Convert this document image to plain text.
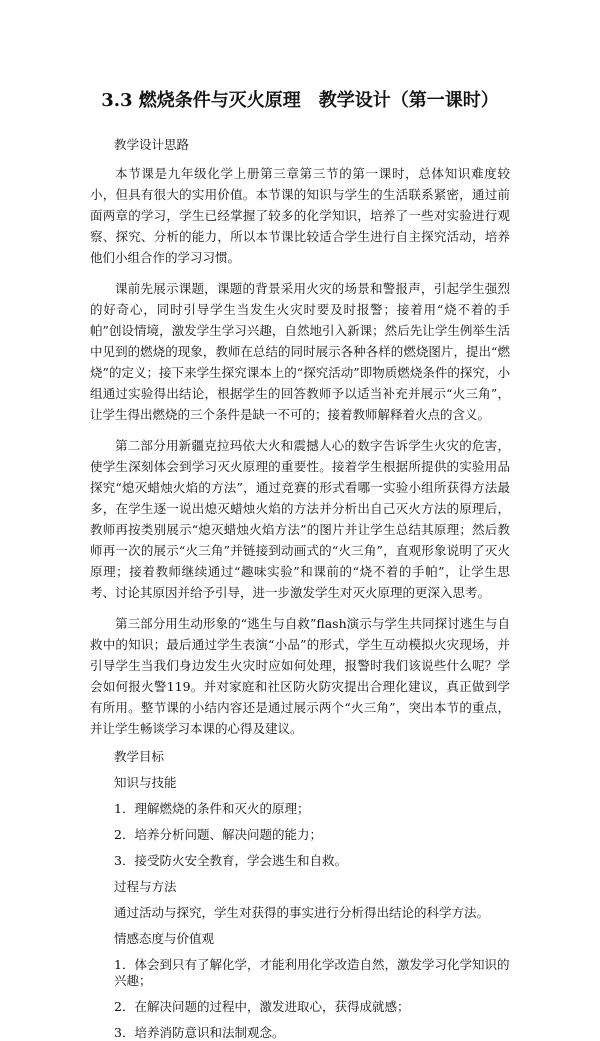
3.3 燃烧条件与灭火原理　教学设计（第一课时）
教学设计思路
本节课是九年级化学上册第三章第三节的第一课时，总体知识难度较小，但具有很大的实用价值。本节课的知识与学生的生活联系紧密，通过前面两章的学习，学生已经掌握了较多的化学知识，培养了一些对实验进行观察、探究、分析的能力，所以本节课比较适合学生进行自主探究活动，培养他们小组合作的学习习惯。
课前先展示课题，课题的背景采用火灾的场景和警报声，引起学生强烈的好奇心，同时引导学生当发生火灾时要及时报警；接着用“烧不着的手帕”创设情境，激发学生学习兴趣，自然地引入新课；然后先让学生例举生活中见到的燃烧的现象，教师在总结的同时展示各种各样的燃烧图片，提出“燃烧”的定义；接下来学生探究课本上的“探究活动”即物质燃烧条件的探究，小组通过实验得出结论，根据学生的回答教师予以适当补充并展示“火三角”，让学生得出燃烧的三个条件是缺一不可的；接着教师解释着火点的含义。
第二部分用新疆克拉玛依大火和震撼人心的数字告诉学生火灾的危害，使学生深刻体会到学习灭火原理的重要性。接着学生根据所提供的实验用品探究“熄灭蜡烛火焰的方法”，通过竞赛的形式看哪一实验小组所获得方法最多，在学生逐一说出熄灭蜡烛火焰的方法并分析出自己灭火方法的原理后，教师再按类别展示“熄灭蜡烛火焰方法”的图片并让学生总结其原理；然后教师再一次的展示“火三角”并链接到动画式的“火三角”，直观形象说明了灭火原理；接着教师继续通过“趣味实验”和课前的“烧不着的手帕”，让学生思考、讨论其原因并给予引导，进一步激发学生对灭火原理的更深入思考。
第三部分用生动形象的“逃生与自救”flash演示与学生共同探讨逃生与自救中的知识；最后通过学生表演“小品”的形式，学生互动模拟火灾现场，并引导学生当我们身边发生火灾时应如何处理，报警时我们该说些什么呢？学会如何报火警119。并对家庭和社区防火防灾提出合理化建议，真正做到学有所用。整节课的小结内容还是通过展示两个“火三角”，突出本节的重点，并让学生畅谈学习本课的心得及建议。
教学目标
知识与技能
1．理解燃烧的条件和灭火的原理；
2．培养分析问题、解决问题的能力；
3．接受防火安全教育，学会逃生和自救。
过程与方法
通过活动与探究，学生对获得的事实进行分析得出结论的科学方法。
情感态度与价值观
1．体会到只有了解化学，才能利用化学改造自然，激发学习化学知识的兴趣；
2．在解决问题的过程中，激发进取心，获得成就感；
3．培养消防意识和法制观念。
